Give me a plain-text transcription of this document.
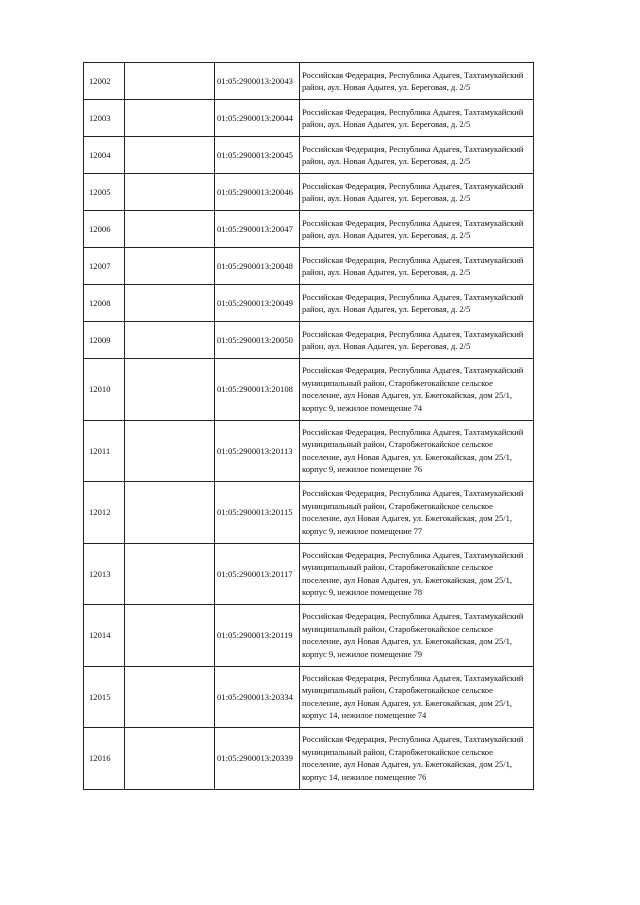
12002		01:05:2900013:20043	Российская Федерация, Республика Адыгея, Тахтамукайский
район, аул. Новая Адыгея, ул. Береговая, д. 2/5

12003		01:05:2900013:20044	Российская Федерация, Республика Адыгея, Тахтамукайский
район, аул. Новая Адыгея, ул. Береговая, д. 2/5

12004		01:05:2900013:20045	Российская Федерация, Республика Адыгея, Тахтамукайский
район, аул. Новая Адыгея, ул. Береговая, д. 2/5

12005		01:05:2900013:20046	Российская Федерация, Республика Адыгея, Тахтамукайский
район, аул. Новая Адыгея, ул. Береговая, д. 2/5

12006		01:05:2900013:20047	Российская Федерация, Республика Адыгея, Тахтамукайский
район, аул. Новая Адыгея, ул. Береговая, д. 2/5

12007		01:05:2900013:20048	Российская Федерация, Республика Адыгея, Тахтамукайский
район, аул. Новая Адыгея, ул. Береговая, д. 2/5

12008		01:05:2900013:20049	Российская Федерация, Республика Адыгея, Тахтамукайский
район, аул. Новая Адыгея, ул. Береговая, д. 2/5

12009		01:05:2900013:20050	Российская Федерация, Республика Адыгея, Тахтамукайский
район, аул. Новая Адыгея, ул. Береговая, д. 2/5

12010		01:05:2900013:20108	Российская Федерация, Республика Адыгея, Тахтамукайский
муниципальный район, Старобжегокайское сельское
поселение, аул Новая Адыгея, ул. Бжегокайская, дом 25/1,
корпус 9, нежилое помещение 74

12011		01:05:2900013:20113	Российская Федерация, Республика Адыгея, Тахтамукайский
муниципальный район, Старобжегокайское сельское
поселение, аул Новая Адыгея, ул. Бжегокайская, дом 25/1,
корпус 9, нежилое помещение 76

12012		01:05:2900013:20115	Российская Федерация, Республика Адыгея, Тахтамукайский
муниципальный район, Старобжегокайское сельское
поселение, аул Новая Адыгея, ул. Бжегокайская, дом 25/1,
корпус 9, нежилое помещение 77

12013		01:05:2900013:20117	Российская Федерация, Республика Адыгея, Тахтамукайский
муниципальный район, Старобжегокайское сельское
поселение, аул Новая Адыгея, ул. Бжегокайская, дом 25/1,
корпус 9, нежилое помещение 78

12014		01:05:2900013:20119	Российская Федерация, Республика Адыгея, Тахтамукайский
муниципальный район, Старобжегокайское сельское
поселение, аул Новая Адыгея, ул. Бжегокайская, дом 25/1,
корпус 9, нежилое помещение 79

12015		01:05:2900013:20334	Российская Федерация, Республика Адыгея, Тахтамукайский
муниципальный район, Старобжегокайское сельское
поселение, аул Новая Адыгея, ул. Бжегокайская, дом 25/1,
корпус 14, нежилое помещение 74

12016		01:05:2900013:20339	Российская Федерация, Республика Адыгея, Тахтамукайский
муниципальный район, Старобжегокайское сельское
поселение, аул Новая Адыгея, ул. Бжегокайская, дом 25/1,
корпус 14, нежилое помещение 76
